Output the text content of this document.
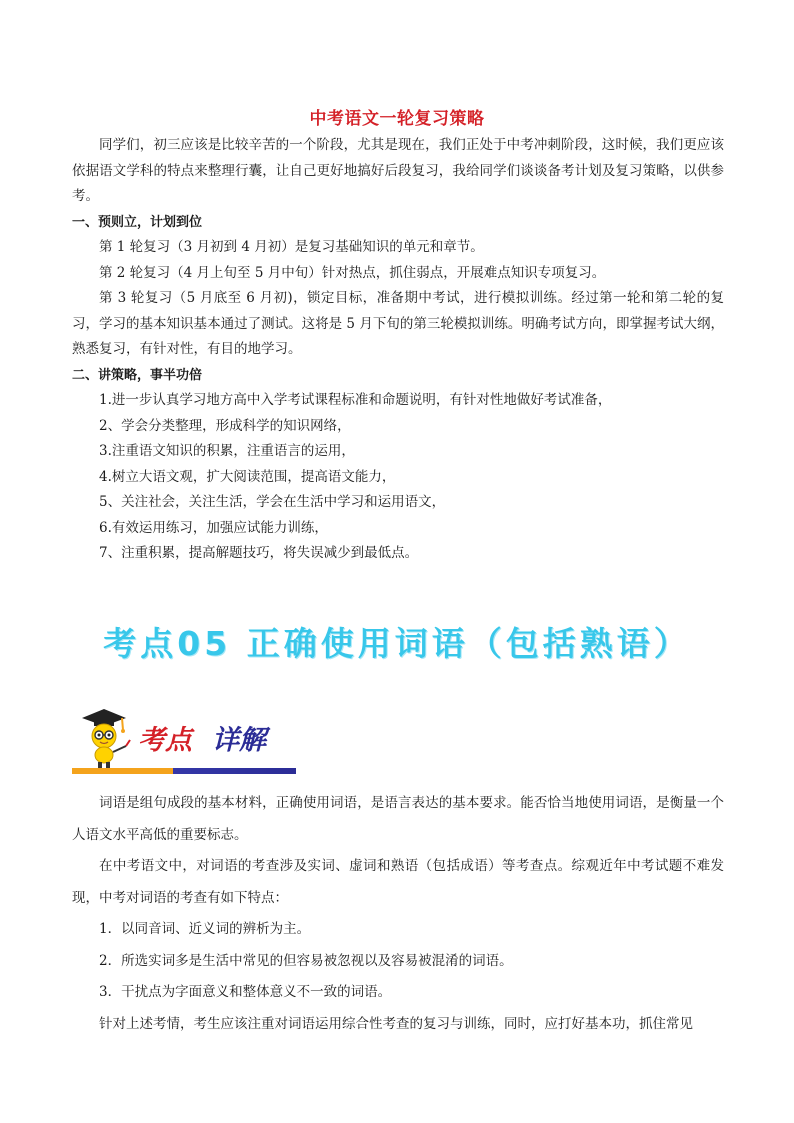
中考语文一轮复习策略

同学们，初三应该是比较辛苦的一个阶段，尤其是现在，我们正处于中考冲刺阶段，这时候，我们更应该依据语文学科的特点来整理行囊，让自己更好地搞好后段复习，我给同学们谈谈备考计划及复习策略，以供参考。

一、预则立，计划到位

第 1 轮复习（3 月初到 4 月初）是复习基础知识的单元和章节。

第 2 轮复习（4 月上旬至 5 月中旬）针对热点，抓住弱点，开展难点知识专项复习。

第 3 轮复习（5 月底至 6 月初)，锁定目标，准备期中考试，进行模拟训练。经过第一轮和第二轮的复习，学习的基本知识基本通过了测试。这将是 5 月下旬的第三轮模拟训练。明确考试方向，即掌握考试大纲，熟悉复习，有针对性，有目的地学习。

二、讲策略，事半功倍

1.进一步认真学习地方高中入学考试课程标准和命题说明，有针对性地做好考试准备，

2、学会分类整理，形成科学的知识网络，

3.注重语文知识的积累，注重语言的运用，

4.树立大语文观，扩大阅读范围，提高语文能力，

5、关注社会，关注生活，学会在生活中学习和运用语文，

6.有效运用练习，加强应试能力训练，

7、注重积累，提高解题技巧，将失误减少到最低点。

考点05 正确使用词语（包括熟语）
考点 详解

词语是组句成段的基本材料，正确使用词语，是语言表达的基本要求。能否恰当地使用词语，是衡量一个人语文水平高低的重要标志。

在中考语文中，对词语的考查涉及实词、虚词和熟语（包括成语）等考查点。综观近年中考试题不难发现，中考对词语的考查有如下特点：

1．以同音词、近义词的辨析为主。

2．所选实词多是生活中常见的但容易被忽视以及容易被混淆的词语。

3．干扰点为字面意义和整体意义不一致的词语。

针对上述考情，考生应该注重对词语运用综合性考查的复习与训练，同时，应打好基本功，抓住常见
